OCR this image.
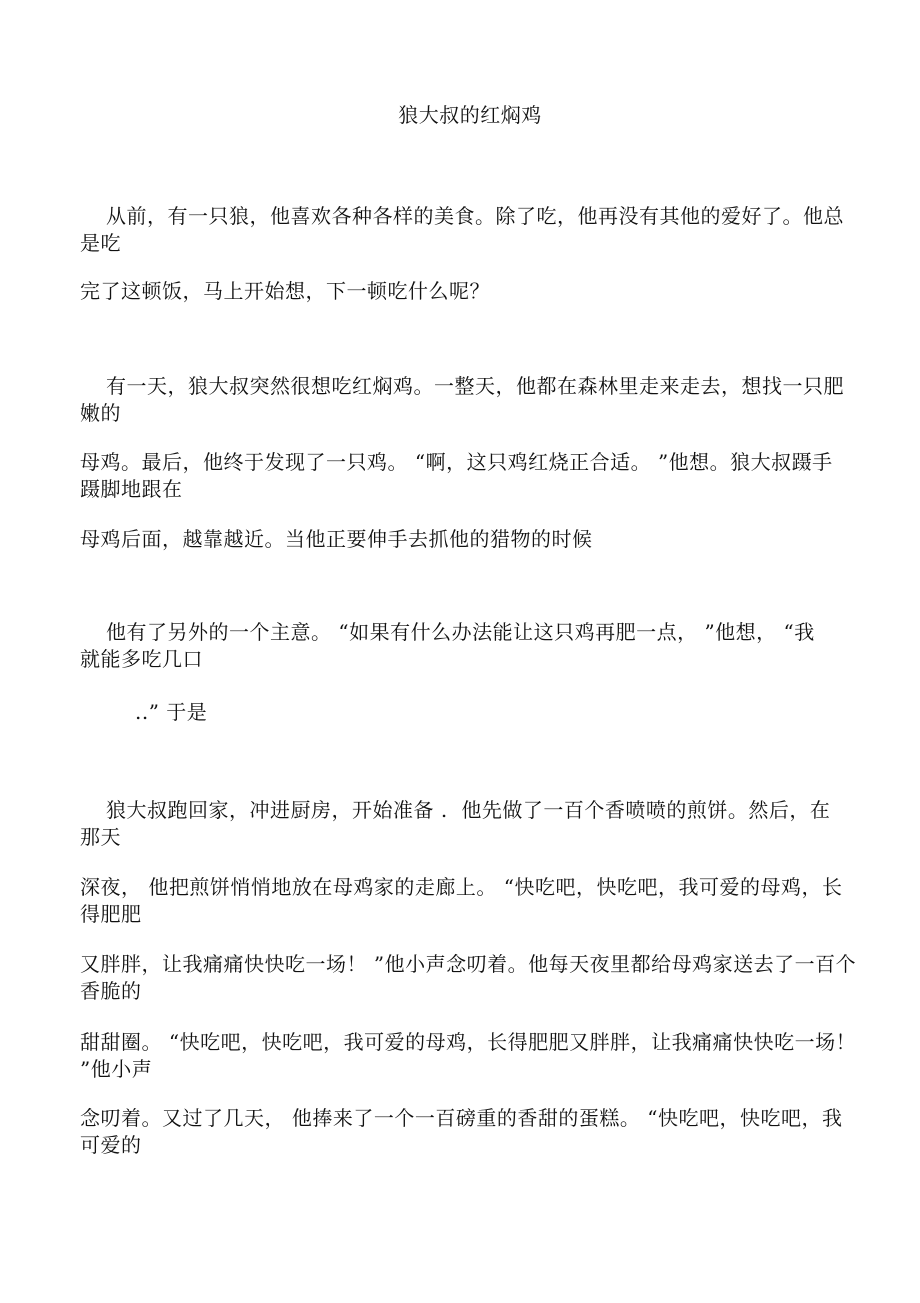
狼大叔的红焖鸡
从前，有一只狼，他喜欢各种各样的美食。除了吃，他再没有其他的爱好了。他总
是吃
完了这顿饭，马上开始想，下一顿吃什么呢？
有一天，狼大叔突然很想吃红焖鸡。一整天，他都在森林里走来走去，想找一只肥
嫩的
母鸡。最后，他终于发现了一只鸡。 “啊，这只鸡红烧正合适。 ”他想。狼大叔蹑手
蹑脚地跟在
母鸡后面，越靠越近。当他正要伸手去抓他的猎物的时候
他有了另外的一个主意。 “如果有什么办法能让这只鸡再肥一点， ”他想， “我
就能多吃几口
..” 于是
狼大叔跑回家，冲进厨房，开始准备 .  他先做了一百个香喷喷的煎饼。然后，在
那天
深夜， 他把煎饼悄悄地放在母鸡家的走廊上。 “快吃吧，快吃吧，我可爱的母鸡，长
得肥肥
又胖胖，让我痛痛快快吃一场！ ”他小声念叨着。他每天夜里都给母鸡家送去了一百个
香脆的
甜甜圈。 “快吃吧，快吃吧，我可爱的母鸡，长得肥肥又胖胖，让我痛痛快快吃一场！
”他小声
念叨着。又过了几天， 他捧来了一个一百磅重的香甜的蛋糕。 “快吃吧，快吃吧，我
可爱的
